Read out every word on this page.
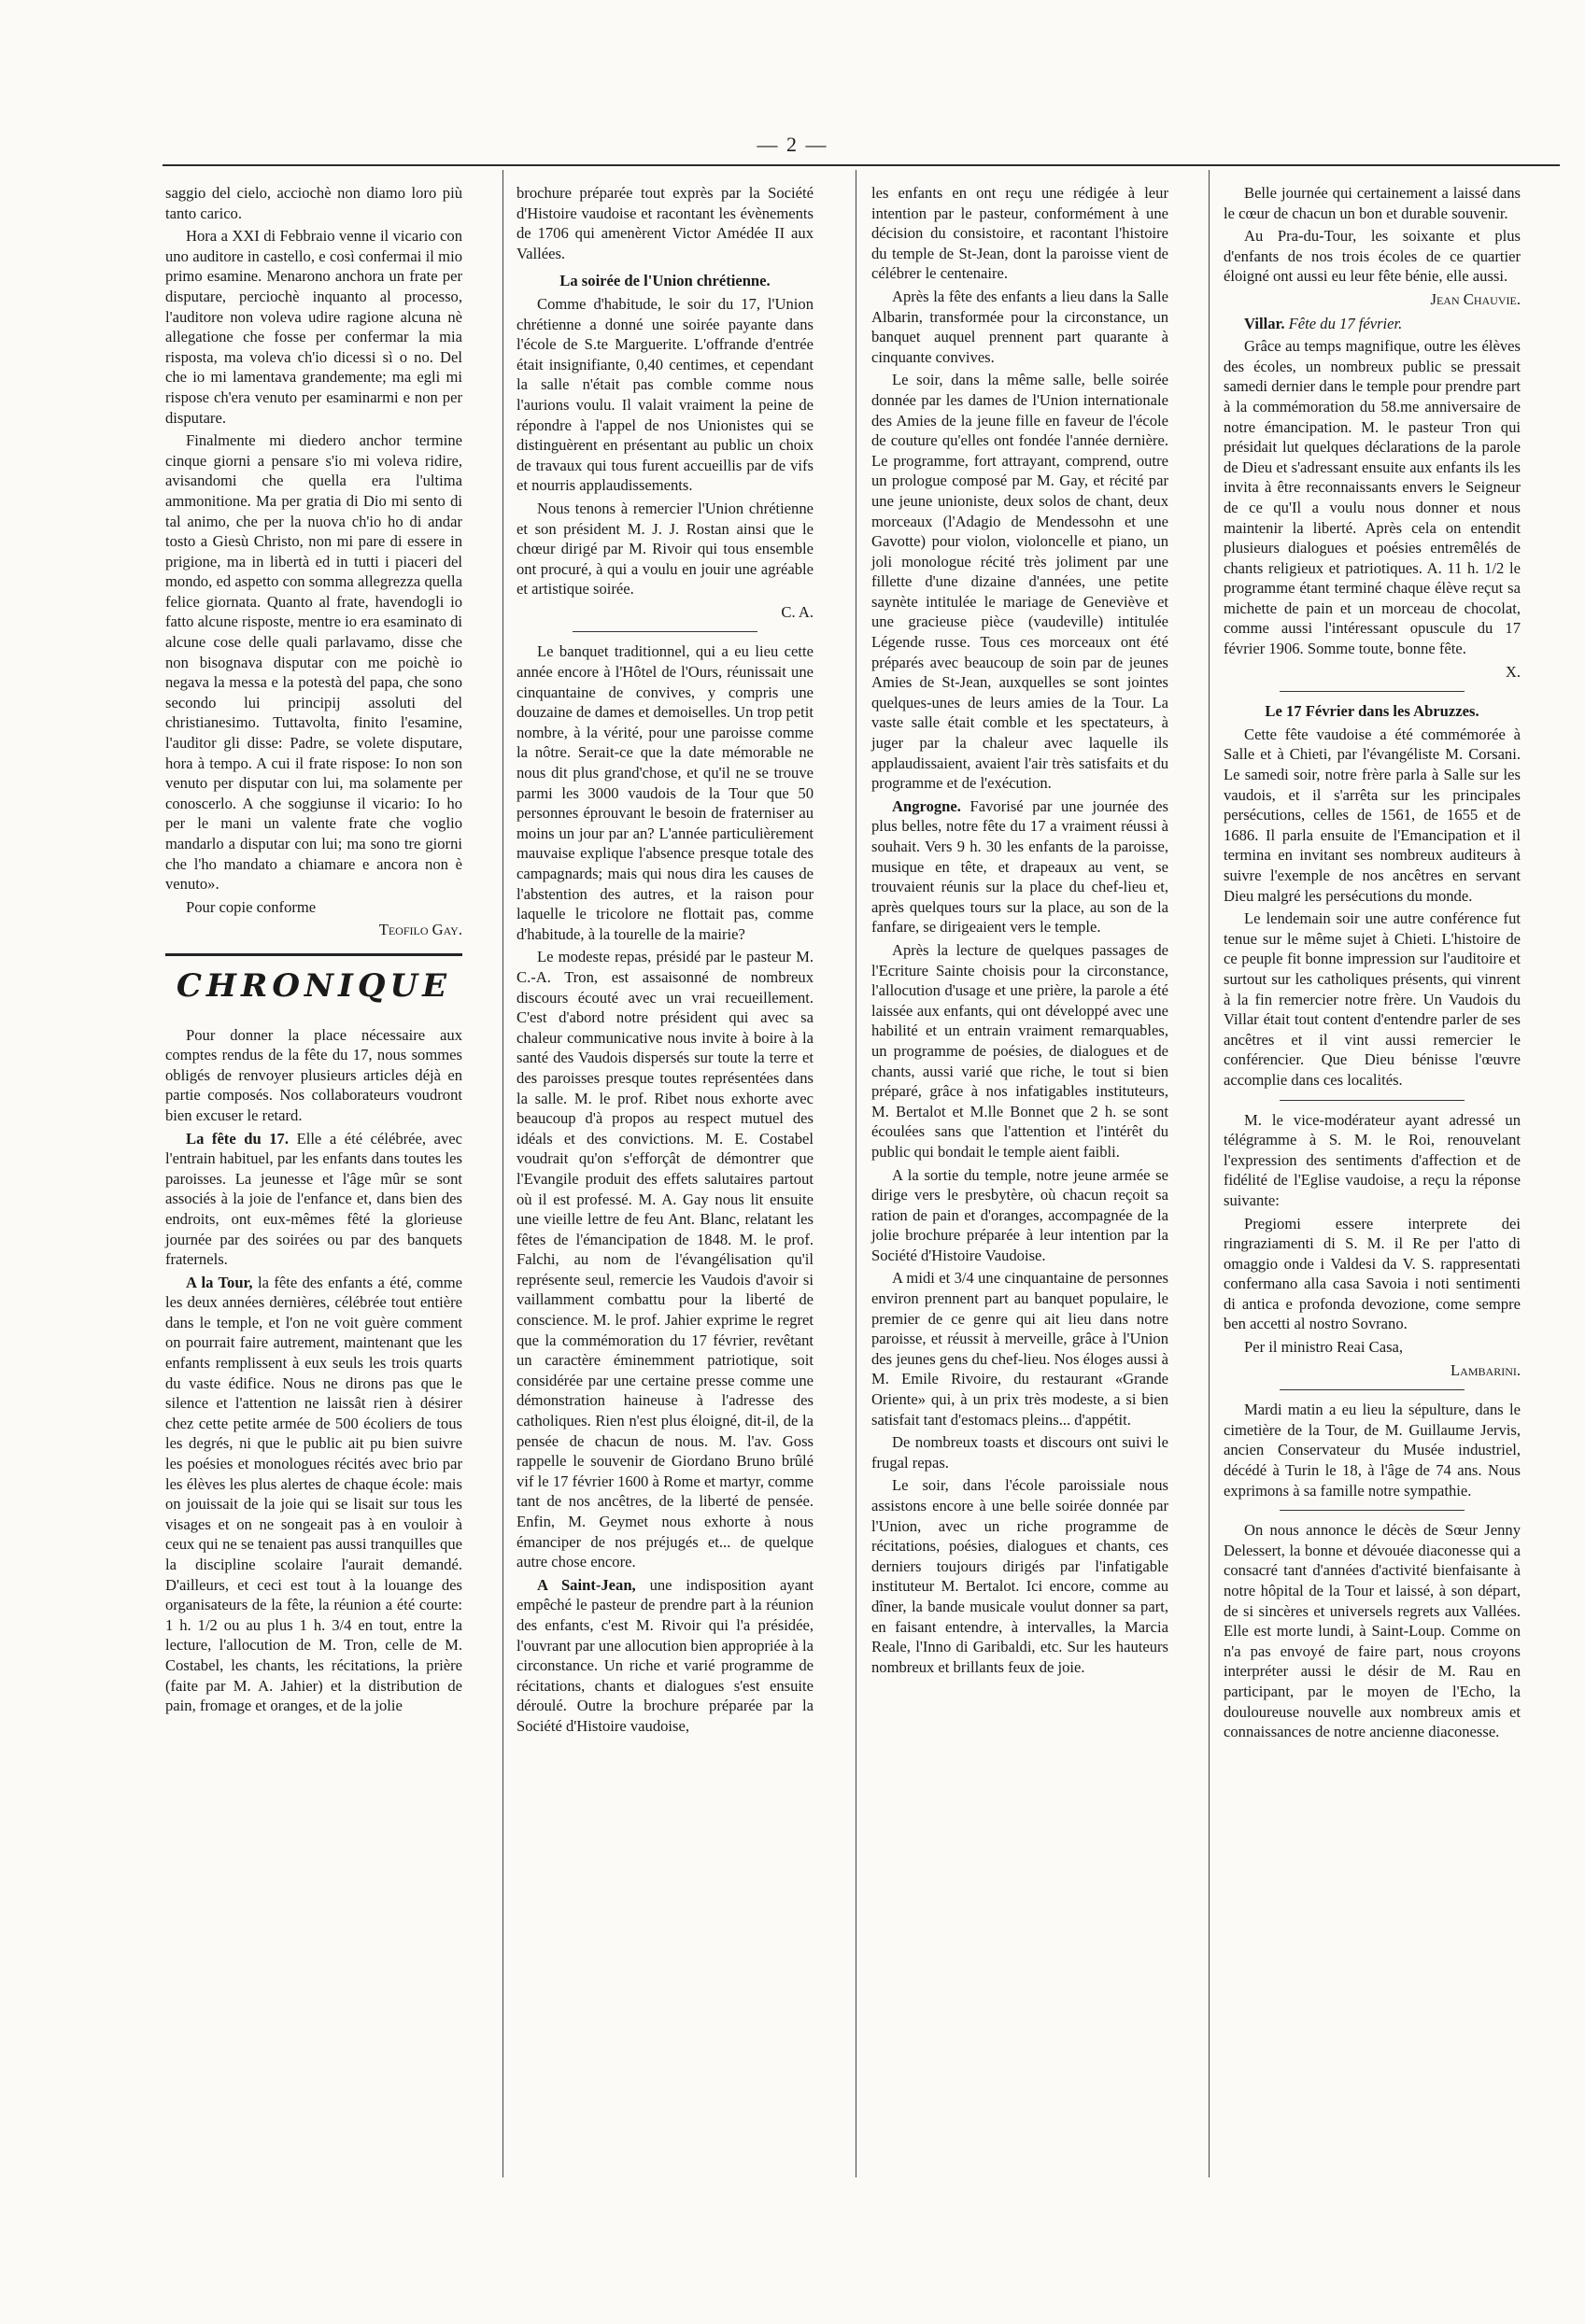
— 2 —

saggio del cielo, acciochè non diamo loro più tanto carico.

Hora a XXI di Febbraio venne il vicario con uno auditore in castello, e così confermai il mio primo esamine. Menarono anchora un frate per disputare, perciochè inquanto al processo, l'auditore non voleva udire ragione alcuna nè allegatione che fosse per confermar la mia risposta, ma voleva ch'io dicessi sì o no. Del che io mi lamentava grandemente; ma egli mi rispose ch'era venuto per esaminarmi e non per disputare.

Finalmente mi diedero anchor termine cinque giorni a pensare s'io mi voleva ridire, avisandomi che quella era l'ultima ammonitione. Ma per gratia di Dio mi sento di tal animo, che per la nuova ch'io ho di andar tosto a Giesù Christo, non mi pare di essere in prigione, ma in libertà ed in tutti i piaceri del mondo, ed aspetto con somma allegrezza quella felice giornata. Quanto al frate, havendogli io fatto alcune risposte, mentre io era esaminato di alcune cose delle quali parlavamo, disse che non bisognava disputar con me poichè io negava la messa e la potestà del papa, che sono secondo lui principij assoluti del christianesimo. Tuttavolta, finito l'esamine, l'auditor gli disse: Padre, se volete disputare, hora à tempo. A cui il frate rispose: Io non son venuto per disputar con lui, ma solamente per conoscerlo. A che soggiunse il vicario: Io ho per le mani un valente frate che voglio mandarlo a disputar con lui; ma sono tre giorni che l'ho mandato a chiamare e ancora non è venuto».

Pour copie conforme

Teofilo Gay.
CHRONIQUE

Pour donner la place nécessaire aux comptes rendus de la fête du 17, nous sommes obligés de renvoyer plusieurs articles déjà en partie composés. Nos collaborateurs voudront bien excuser le retard.

La fête du 17. Elle a été célébrée, avec l'entrain habituel, par les enfants dans toutes les paroisses. La jeunesse et l'âge mûr se sont associés à la joie de l'enfance et, dans bien des endroits, ont eux-mêmes fêté la glorieuse journée par des soirées ou par des banquets fraternels.

A la Tour, la fête des enfants a été, comme les deux années dernières, célébrée tout entière dans le temple, et l'on ne voit guère comment on pourrait faire autrement, maintenant que les enfants remplissent à eux seuls les trois quarts du vaste édifice. Nous ne dirons pas que le silence et l'attention ne laissât rien à désirer chez cette petite armée de 500 écoliers de tous les degrés, ni que le public ait pu bien suivre les poésies et monologues récités avec brio par les élèves les plus alertes de chaque école: mais on jouissait de la joie qui se lisait sur tous les visages et on ne songeait pas à en vouloir à ceux qui ne se tenaient pas aussi tranquilles que la discipline scolaire l'aurait demandé. D'ailleurs, et ceci est tout à la louange des organisateurs de la fête, la réunion a été courte: 1 h. 1/2 ou au plus 1 h. 3/4 en tout, entre la lecture, l'allocution de M. Tron, celle de M. Costabel, les chants, les récitations, la prière (faite par M. A. Jahier) et la distribution de pain, fromage et oranges, et de la jolie

brochure préparée tout exprès par la Société d'Histoire vaudoise et racontant les évènements de 1706 qui amenèrent Victor Amédée II aux Vallées.

La soirée de l'Union chrétienne.

Comme d'habitude, le soir du 17, l'Union chrétienne a donné une soirée payante dans l'école de S.te Marguerite. L'offrande d'entrée était insignifiante, 0,40 centimes, et cependant la salle n'était pas comble comme nous l'aurions voulu. Il valait vraiment la peine de répondre à l'appel de nos Unionistes qui se distinguèrent en présentant au public un choix de travaux qui tous furent accueillis par de vifs et nourris applaudissements.

Nous tenons à remercier l'Union chrétienne et son président M. J. J. Rostan ainsi que le chœur dirigé par M. Rivoir qui tous ensemble ont procuré, à qui a voulu en jouir une agréable et artistique soirée.

C. A.

Le banquet traditionnel, qui a eu lieu cette année encore à l'Hôtel de l'Ours, réunissait une cinquantaine de convives, y compris une douzaine de dames et demoiselles. Un trop petit nombre, à la vérité, pour une paroisse comme la nôtre. Serait-ce que la date mémorable ne nous dit plus grand'chose, et qu'il ne se trouve parmi les 3000 vaudois de la Tour que 50 personnes éprouvant le besoin de fraterniser au moins un jour par an? L'année particulièrement mauvaise explique l'absence presque totale des campagnards; mais qui nous dira les causes de l'abstention des autres, et la raison pour laquelle le tricolore ne flottait pas, comme d'habitude, à la tourelle de la mairie?

Le modeste repas, présidé par le pasteur M. C.-A. Tron, est assaisonné de nombreux discours écouté avec un vrai recueillement. C'est d'abord notre président qui avec sa chaleur communicative nous invite à boire à la santé des Vaudois dispersés sur toute la terre et des paroisses presque toutes représentées dans la salle. M. le prof. Ribet nous exhorte avec beaucoup d'à propos au respect mutuel des idéals et des convictions. M. E. Costabel voudrait qu'on s'efforçât de démontrer que l'Evangile produit des effets salutaires partout où il est professé. M. A. Gay nous lit ensuite une vieille lettre de feu Ant. Blanc, relatant les fêtes de l'émancipation de 1848. M. le prof. Falchi, au nom de l'évangélisation qu'il représente seul, remercie les Vaudois d'avoir si vaillamment combattu pour la liberté de conscience. M. le prof. Jahier exprime le regret que la commémoration du 17 février, revêtant un caractère éminemment patriotique, soit considérée par une certaine presse comme une démonstration haineuse à l'adresse des catholiques. Rien n'est plus éloigné, dit-il, de la pensée de chacun de nous. M. l'av. Goss rappelle le souvenir de Giordano Bruno brûlé vif le 17 février 1600 à Rome et martyr, comme tant de nos ancêtres, de la liberté de pensée. Enfin, M. Geymet nous exhorte à nous émanciper de nos préjugés et... de quelque autre chose encore.

A Saint-Jean, une indisposition ayant empêché le pasteur de prendre part à la réunion des enfants, c'est M. Rivoir qui l'a présidée, l'ouvrant par une allocution bien appropriée à la circonstance. Un riche et varié programme de récitations, chants et dialogues s'est ensuite déroulé. Outre la brochure préparée par la Société d'Histoire vaudoise,

les enfants en ont reçu une rédigée à leur intention par le pasteur, conformément à une décision du consistoire, et racontant l'histoire du temple de St-Jean, dont la paroisse vient de célébrer le centenaire.

Après la fête des enfants a lieu dans la Salle Albarin, transformée pour la circonstance, un banquet auquel prennent part quarante à cinquante convives.

Le soir, dans la même salle, belle soirée donnée par les dames de l'Union internationale des Amies de la jeune fille en faveur de l'école de couture qu'elles ont fondée l'année dernière. Le programme, fort attrayant, comprend, outre un prologue composé par M. Gay, et récité par une jeune unioniste, deux solos de chant, deux morceaux (l'Adagio de Mendessohn et une Gavotte) pour violon, violoncelle et piano, un joli monologue récité très joliment par une fillette d'une dizaine d'années, une petite saynète intitulée le mariage de Geneviève et une gracieuse pièce (vaudeville) intitulée Légende russe. Tous ces morceaux ont été préparés avec beaucoup de soin par de jeunes Amies de St-Jean, auxquelles se sont jointes quelques-unes de leurs amies de la Tour. La vaste salle était comble et les spectateurs, à juger par la chaleur avec laquelle ils applaudissaient, avaient l'air très satisfaits et du programme et de l'exécution.

Angrogne. Favorisé par une journée des plus belles, notre fête du 17 a vraiment réussi à souhait. Vers 9 h. 30 les enfants de la paroisse, musique en tête, et drapeaux au vent, se trouvaient réunis sur la place du chef-lieu et, après quelques tours sur la place, au son de la fanfare, se dirigeaient vers le temple.

Après la lecture de quelques passages de l'Ecriture Sainte choisis pour la circonstance, l'allocution d'usage et une prière, la parole a été laissée aux enfants, qui ont développé avec une habilité et un entrain vraiment remarquables, un programme de poésies, de dialogues et de chants, aussi varié que riche, le tout si bien préparé, grâce à nos infatigables instituteurs, M. Bertalot et M.lle Bonnet que 2 h. se sont écoulées sans que l'attention et l'intérêt du public qui bondait le temple aient faibli.

A la sortie du temple, notre jeune armée se dirige vers le presbytère, où chacun reçoit sa ration de pain et d'oranges, accompagnée de la jolie brochure préparée à leur intention par la Société d'Histoire Vaudoise.

A midi et 3/4 une cinquantaine de personnes environ prennent part au banquet populaire, le premier de ce genre qui ait lieu dans notre paroisse, et réussit à merveille, grâce à l'Union des jeunes gens du chef-lieu. Nos éloges aussi à M. Emile Rivoire, du restaurant «Grande Oriente» qui, à un prix très modeste, a si bien satisfait tant d'estomacs pleins... d'appétit.

De nombreux toasts et discours ont suivi le frugal repas.

Le soir, dans l'école paroissiale nous assistons encore à une belle soirée donnée par l'Union, avec un riche programme de récitations, poésies, dialogues et chants, ces derniers toujours dirigés par l'infatigable instituteur M. Bertalot. Ici encore, comme au dîner, la bande musicale voulut donner sa part, en faisant entendre, à intervalles, la Marcia Reale, l'Inno di Garibaldi, etc. Sur les hauteurs nombreux et brillants feux de joie.

Belle journée qui certainement a laissé dans le cœur de chacun un bon et durable souvenir.

Au Pra-du-Tour, les soixante et plus d'enfants de nos trois écoles de ce quartier éloigné ont aussi eu leur fête bénie, elle aussi.

Jean Chauvie.

Villar. Fête du 17 février.

Grâce au temps magnifique, outre les élèves des écoles, un nombreux public se pressait samedi dernier dans le temple pour prendre part à la commémoration du 58.me anniversaire de notre émancipation. M. le pasteur Tron qui présidait lut quelques déclarations de la parole de Dieu et s'adressant ensuite aux enfants ils les invita à être reconnaissants envers le Seigneur de ce qu'Il a voulu nous donner et nous maintenir la liberté. Après cela on entendit plusieurs dialogues et poésies entremêlés de chants religieux et patriotiques. A. 11 h. 1/2 le programme étant terminé chaque élève reçut sa michette de pain et un morceau de chocolat, comme aussi l'intéressant opuscule du 17 février 1906. Somme toute, bonne fête.

X.

Le 17 Février dans les Abruzzes.

Cette fête vaudoise a été commémorée à Salle et à Chieti, par l'évangéliste M. Corsani. Le samedi soir, notre frère parla à Salle sur les vaudois, et il s'arrêta sur les principales persécutions, celles de 1561, de 1655 et de 1686. Il parla ensuite de l'Emancipation et il termina en invitant ses nombreux auditeurs à suivre l'exemple de nos ancêtres en servant Dieu malgré les persécutions du monde.

Le lendemain soir une autre conférence fut tenue sur le même sujet à Chieti. L'histoire de ce peuple fit bonne impression sur l'auditoire et surtout sur les catholiques présents, qui vinrent à la fin remercier notre frère. Un Vaudois du Villar était tout content d'entendre parler de ses ancêtres et il vint aussi remercier le conférencier. Que Dieu bénisse l'œuvre accomplie dans ces localités.

M. le vice-modérateur ayant adressé un télégramme à S. M. le Roi, renouvelant l'expression des sentiments d'affection et de fidélité de l'Eglise vaudoise, a reçu la réponse suivante:

Pregiomi essere interprete dei ringraziamenti di S. M. il Re per l'atto di omaggio onde i Valdesi da V. S. rappresentati confermano alla casa Savoia i noti sentimenti di antica e profonda devozione, come sempre ben accetti al nostro Sovrano.

Per il ministro Reai Casa,

Lambarini.

Mardi matin a eu lieu la sépulture, dans le cimetière de la Tour, de M. Guillaume Jervis, ancien Conservateur du Musée industriel, décédé à Turin le 18, à l'âge de 74 ans. Nous exprimons à sa famille notre sympathie.

On nous annonce le décès de Sœur Jenny Delessert, la bonne et dévouée diaconesse qui a consacré tant d'années d'activité bienfaisante à notre hôpital de la Tour et laissé, à son départ, de si sincères et universels regrets aux Vallées. Elle est morte lundi, à Saint-Loup. Comme on n'a pas envoyé de faire part, nous croyons interpréter aussi le désir de M. Rau en participant, par le moyen de l'Echo, la douloureuse nouvelle aux nombreux amis et connaissances de notre ancienne diaconesse.
